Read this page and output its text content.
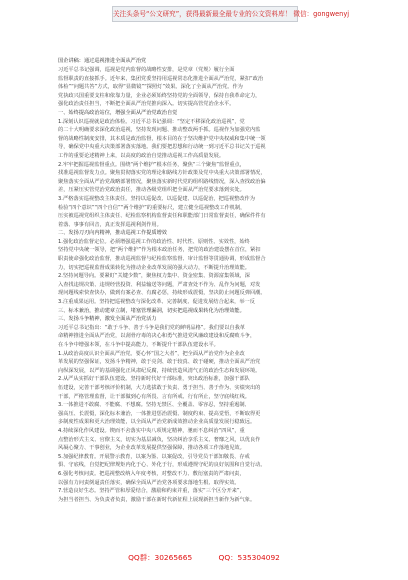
关注头条号“公文研究”，获得最新最全最专业的公文资料库！ 微信：gongwenyj
国企讲稿：通过巡视推进全面从严治党
习近平总书记强调，巡视是党内监督的战略性安排，是党章（党规）履行全面
监督职责的直接抓手。近年来，集团党委坚持用巡视常态化推进全面从严治党，紧扣“政治
体检”“问题共答”方式，取得“显微镜”“探照灯”效果。深化了全面从严治党。作为
党执政兴国重要支柱和依靠力量，企业必须始终坚持党的全面领导，保持自我革命定力，
强化政治责任担当，不断把全面从严治党推向深入。切实提高管党治企水平。
一、始终提高政治站位，增强全面从严治党政治自觉
1.深刻认识巡视就是政治体检。习近平总书记强调：“坚定不移深化政治巡视”，党
的二十大明确要求深化政治巡视，坚持发现问题、推动整改两手抓。巡视作为加强党内监
督的战略性制度安排，其本质是政治监督，根本目的在于坚决维护党中央权威和集中统一领
导，确保党中央重大决策部署落实落地。我们要把思想和行动统一到习近平总书记关于巡视
工作的重要论述精神上来，以高度的政治自觉推动巡视工作高质量发展。
2.牢牢把握巡视监督重点。围绕“两个维护”根本任务，聚焦“三个聚焦”监督重点，
找准巡视监督发力点。聚焦贯彻落实党的理论和路线方针政策及党中央重大决策部署情况，
聚焦落实全面从严治党战略部署情况，聚焦落实新时代党的组织路线情况，深入查找政治偏
差，压紧压实管党治党政治责任，推动各级党组织把全面从严治党要求落到实处。
3.严格落实巡视整改主体责任。坚持以巡促改、以巡促建、以巡促治，把巡视整改作为
检验“四个意识”“四个自信”“两个维护”的重要标尺，建立健全巡视整改工作机制，
压实被巡视党组织主体责任、纪检监察机构监督责任和职能部门日常监督责任，确保件件有
着落、事事有回音，真正发挥巡视利剑作用。
二、发扬刀刃向内精神，推动巡视工作提质增效
1.强化政治监督定位。必须增强巡视工作的政治性、时代性、原则性、实效性，始终
坚持党中央统一领导，把“两个维护”作为根本政治任务，把党的政治建设摆在首位，紧扣
职责使命强化政治监督，推动巡视监督与纪检监察监督、审计监督等贯通协调，形成监督合
力，切实把巡视监督成果转化为推动企业改革发展的强大动力，不断提升治理效能。
2.坚持问题导向。要紧盯“关键少数”，聚焦权力集中、资金密集、资源富集领域，深
入查找违规决策、违规经营投资、利益输送等问题，严肃查处不作为、乱作为问题，对发
现问题线索快查快办，做到有案必查、有腐必惩，持续形成震慑，坚决防止问题反弹回潮。
3.注重成果运用。坚持把巡视整改与深化改革、完善制度、促进发展结合起来，举一反
三、标本兼治，推动建章立制，堵塞管理漏洞，切实把巡视成果转化为治理效能。
三、发扬斗争精神，激发全面从严治党活力
习近平总书记指出：“敢于斗争、善于斗争是我们党的鲜明品格”。我们要以自我革
命精神推进全面从严治党，以刮骨疗毒的决心和勇气推进党风廉政建设和反腐败斗争，
在斗争中增强本领，在斗争中提高能力，不断提升干部队伍建设水平。
1.从政治高度认识全面从严治党。要心怀“国之大者”，把全面从严治党作为企业改
革发展的坚强保证，发扬斗争精神，敢于亮剑、敢于较真、敢于碰硬，推动全面从严治党
向纵深发展，以严的基调强化正风肃纪反腐，持续营造风清气正的政治生态和发展环境。
2.从严从实抓好干部队伍建设。坚持新时代好干部标准，突出政治标准，加强干部队
伍建设，完善干部考核评价机制，大力选拔敢于负责、勇于担当、善于作为、实绩突出的
干部，严格管理监督，让干部做到心有所畏、言有所戒、行有所止，坚守底线红线。
3.一体推进不敢腐、不能腐、不想腐。坚持无禁区、全覆盖、零容忍，坚持重遏制、
强高压、长震慑，深化标本兼治，一体推进惩治震慑、制度约束、提高觉悟，不断取得更
多制度性成果和更大治理效能，以全面从严治党新成效推动企业高质量发展行稳致远。
4.持续深化作风建设。锲而不舍落实中央八项规定精神，驰而不息纠治“四风”，重
点整治形式主义、官僚主义，切实为基层减负，坚决纠治享乐主义、奢靡之风，以优良作
风凝心聚力、干事创业，为企业改革发展提供坚强保障，推动各项工作落地见效。
5.加强纪律教育。开展警示教育，以案为鉴、以案促改，引导党员干部知敬畏、存戒
惧、守底线，自觉把纪律规矩内化于心、外化于行，形成遵规守纪的良好氛围和自觉行动。
6.强化考核问责。把巡视整改纳入年度考核，对整改不力、敷衍塞责的严肃问责，
以强有力问责倒逼责任落实，确保全面从严治党各项要求落地生根、取得实效。
7.营造良好生态。坚持严管和厚爱结合，激励和约束并重，落实“三个区分开来”，
为担当者担当、为负责者负责，激励干部在新时代新征程上展现新担当新作为新气象。
QQ群：30265665	QQ：535304092
